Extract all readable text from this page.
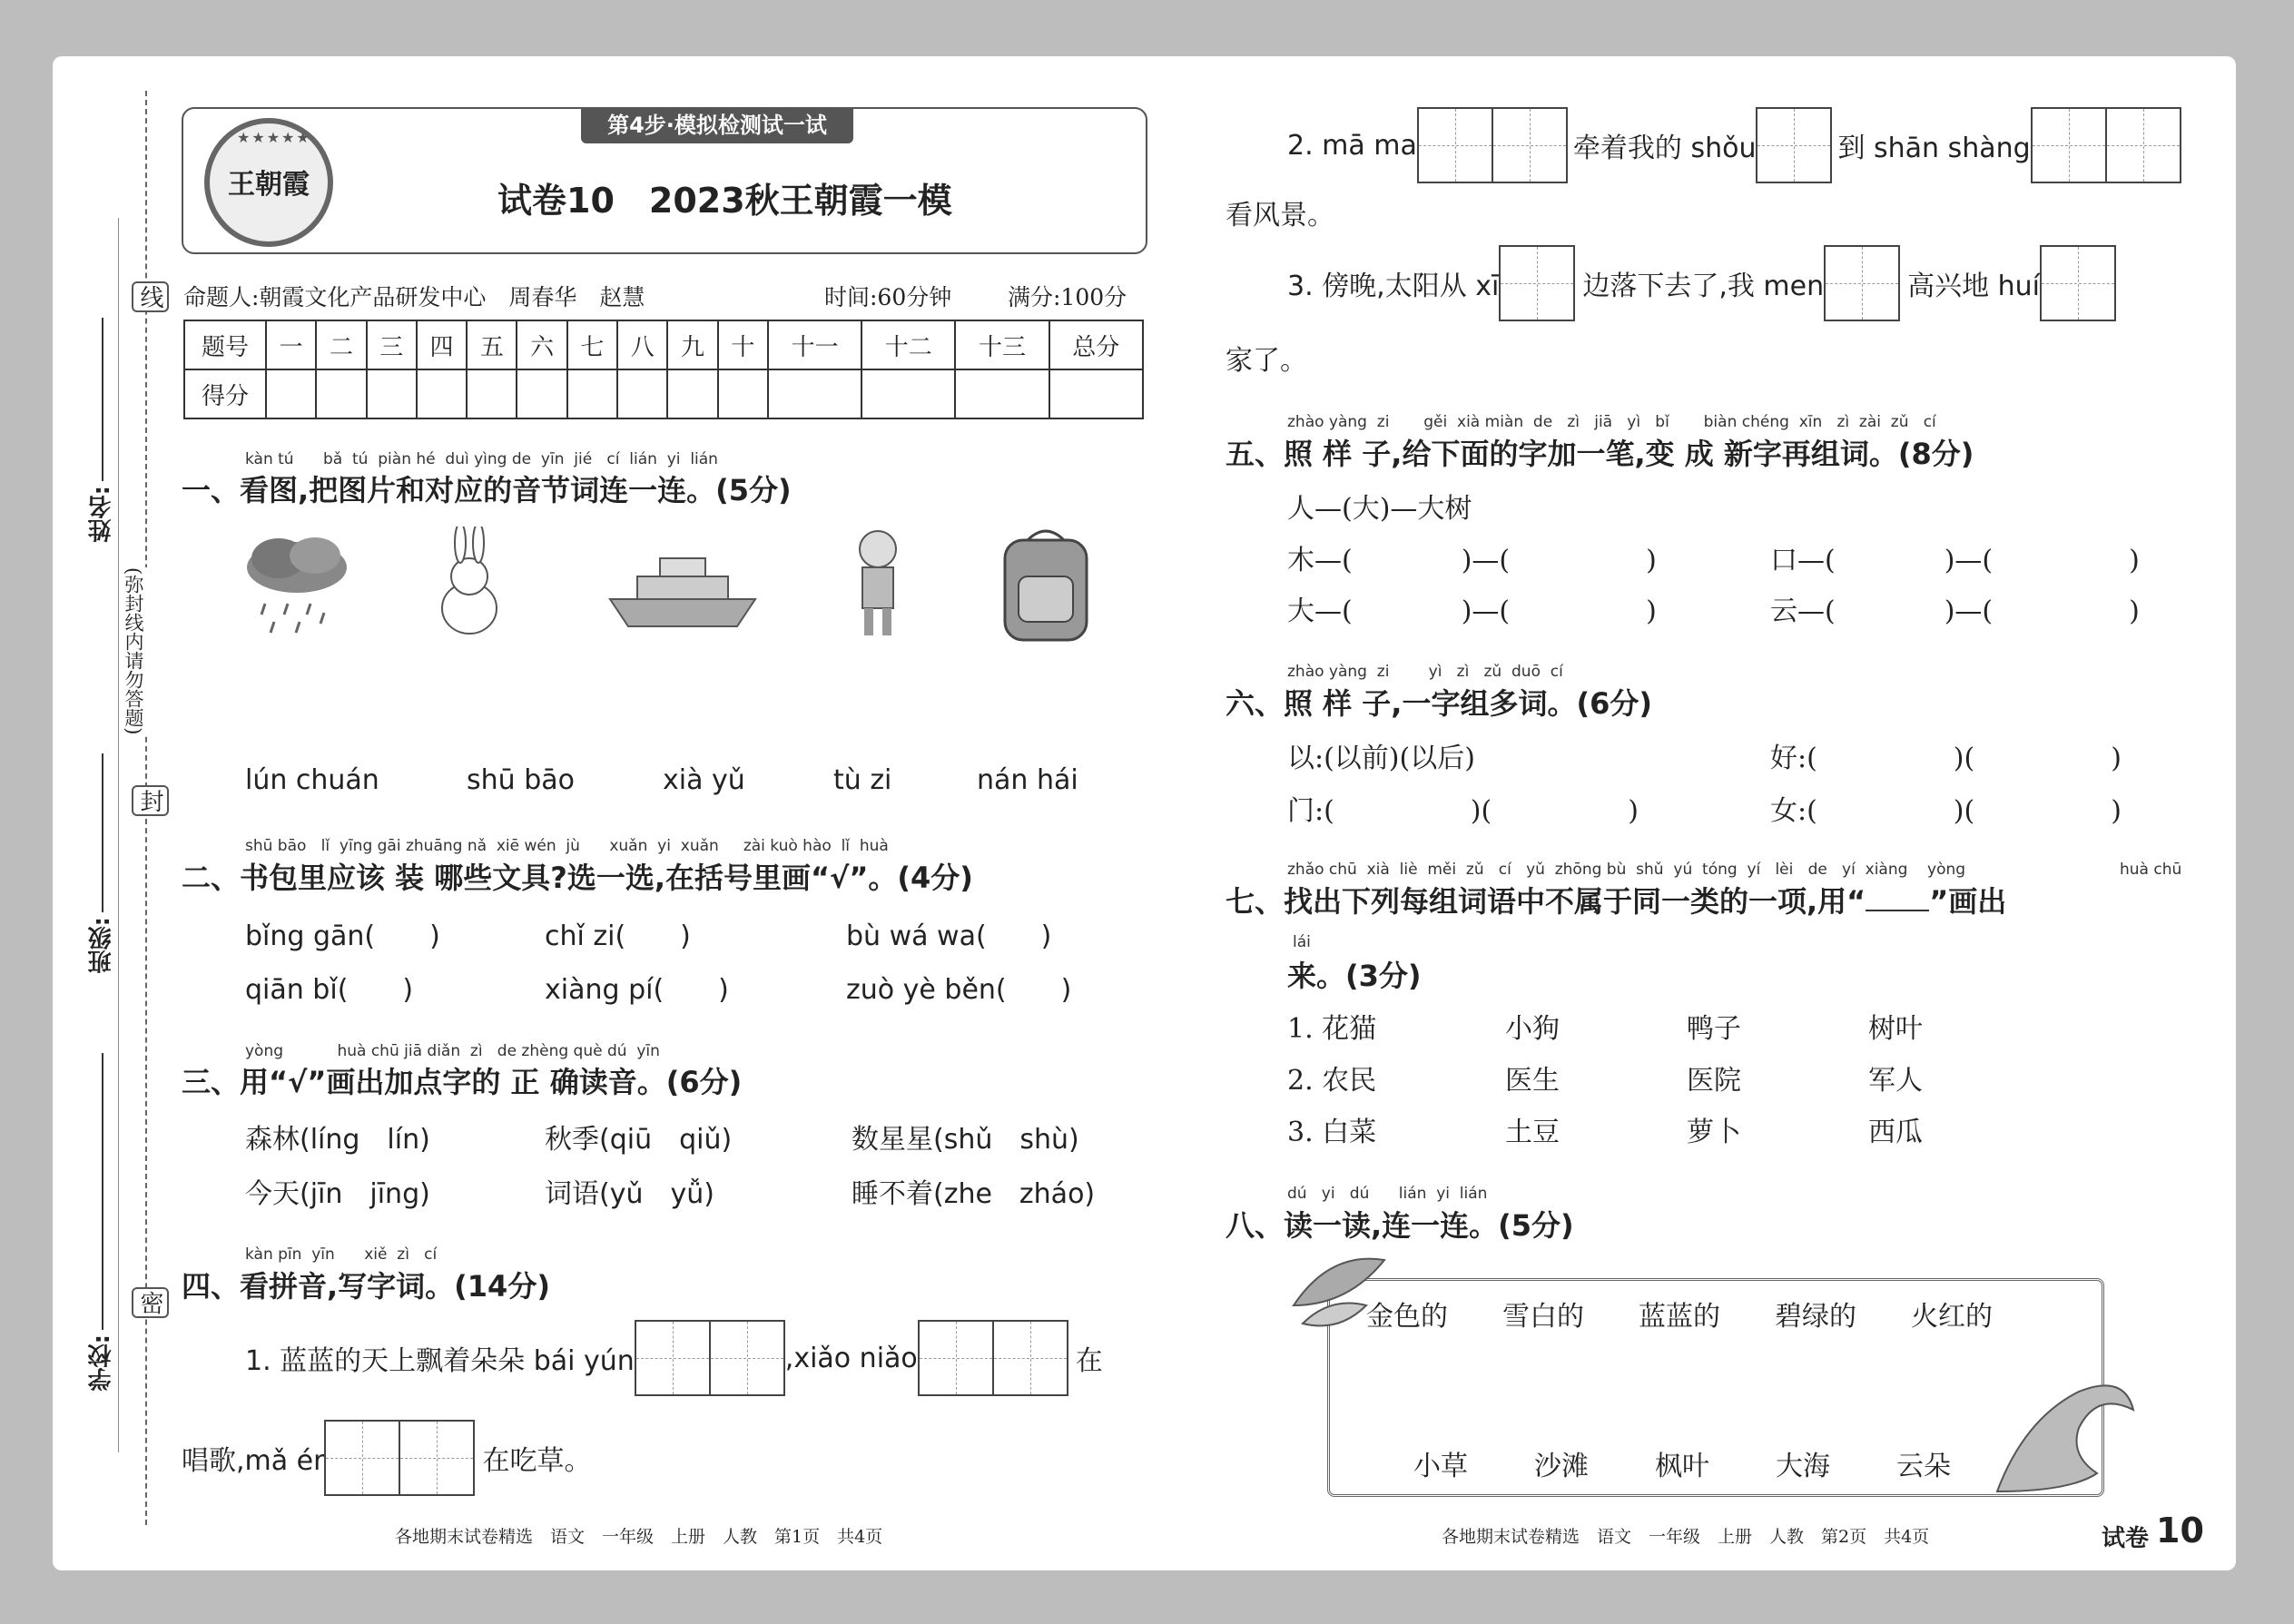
线
封
密
姓名:
班级:
学校:
(弥封线内请勿答题)
第4步·模拟检测试一试
王朝霞
★★★★★
试卷10　2023秋王朝霞一模
命题人:朝霞文化产品研发中心　周春华　赵慧	时间:60分钟 满分:100分
题号	一	二	三	四	五	六	七	八	九	十	十一	十二	十三	总分
得分														
kàn tú      bǎ  tú  piàn hé  duì yìng de  yīn  jié   cí  lián  yi  lián
一、看图,把图片和对应的音节词连一连。(5分)
lún chuán	shū bāo	xià yǔ	tù zi	nán hái
shū bāo   lǐ  yīng gāi zhuāng nǎ  xiē wén  jù      xuǎn  yi  xuǎn     zài kuò hào  lǐ  huà
二、书包里应该 装 哪些文具?选一选,在括号里画“√”。(4分)
bǐng gān(　　)	chǐ zi(　　)	bù wá wa(　　)
qiān bǐ(　　)	xiàng pí(　　)	zuò yè běn(　　)
yòng           huà chū jiā diǎn  zì   de zhèng què dú  yīn
三、用“√”画出加点字的 正 确读音。(6分)
森林(líng　lín)	秋季(qiū　qiǔ)	数星星(shǔ　shù)
今天(jīn　jīng)	词语(yǔ　yǚ)	睡不着(zhe　zháo)
kàn pīn  yīn      xiě  zì   cí
四、看拼音,写字词。(14分)
1. 蓝蓝的天上飘着朵朵 bái yún	,xiǎo niǎo	在
唱歌,mǎ ér	在吃草。
2. mā ma	牵着我的 shǒu	到 shān shàng
看风景。
3. 傍晚,太阳从 xī	边落下去了,我 men	高兴地 huí
家了。
zhào yàng  zi       gěi  xià miàn  de   zì   jiā   yì   bǐ       biàn chéng  xīn   zì  zài  zǔ   cí
五、照 样 子,给下面的字加一笔,变 成 新字再组词。(8分)
人—(大)—大树
木—(　　　　)—(　　　　　)	口—(　　　　)—(　　　　　)
大—(　　　　)—(　　　　　)	云—(　　　　)—(　　　　　)
zhào yàng  zi        yì   zì   zǔ  duō  cí
六、照 样 子,一字组多词。(6分)
以:(以前)(以后)	好:(　　　　　)(　　　　　)
门:(　　　　　)(　　　　　)	女:(　　　　　)(　　　　　)
zhǎo chū  xià  liè  měi  zǔ   cí   yǔ  zhōng bù  shǔ  yú  tóng  yí   lèi   de   yí  xiàng    yòng	huà chū
七、找出下列每组词语中不属于同一类的一项,用“ ”画出
lái
来。(3分)
1. 花猫	小狗	鸭子	树叶
2. 农民	医生	医院	军人
3. 白菜	土豆	萝卜	西瓜
dú   yi   dú      lián  yi  lián
八、读一读,连一连。(5分)
金色的 雪白的 蓝蓝的 碧绿的 火红的
小草 沙滩 枫叶 大海 云朵
各地期末试卷精选　语文　一年级　上册　人教　第1页　共4页	各地期末试卷精选　语文　一年级　上册　人教　第2页　共4页	试卷 10
